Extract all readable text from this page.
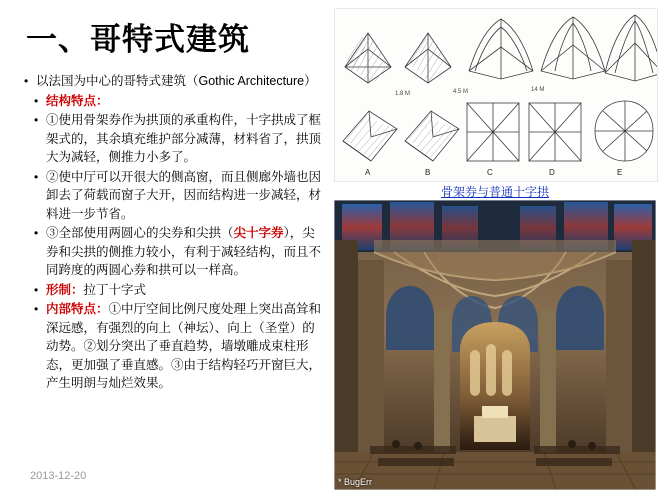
一、哥特式建筑
• 以法国为中心的哥特式建筑（Gothic Architecture）
• 结构特点：
• ①使用骨架券作为拱顶的承重构件，十字拱成了框架式的，其余填充维护部分减薄，材料省了，拱顶大为减轻，侧推力小多了。
• ②使中厅可以开很大的侧高窗，而且侧廊外墙也因卸去了荷载而窗子大开，因而结构进一步减轻，材料进一步节省。
• ③全部使用两圆心的尖券和尖拱（尖十字券），尖券和尖拱的侧推力较小，有利于减轻结构，而且不同跨度的两圆心券和拱可以一样高。
• 形制：拉丁十字式
• 内部特点：①中厅空间比例尺度处理上突出高耸和深远感，有强烈的向上（神坛）、向上（圣堂）的动势。②划分突出了垂直趋势，墙墩雕成束柱形态，更加强了垂直感。③由于结构轻巧开窗巨大，产生明朗与灿烂效果。
A	B	C	D	E
1.8 M	4.5 M	14 M
骨架券与普通十字拱
* BugErr
2013-12-20
